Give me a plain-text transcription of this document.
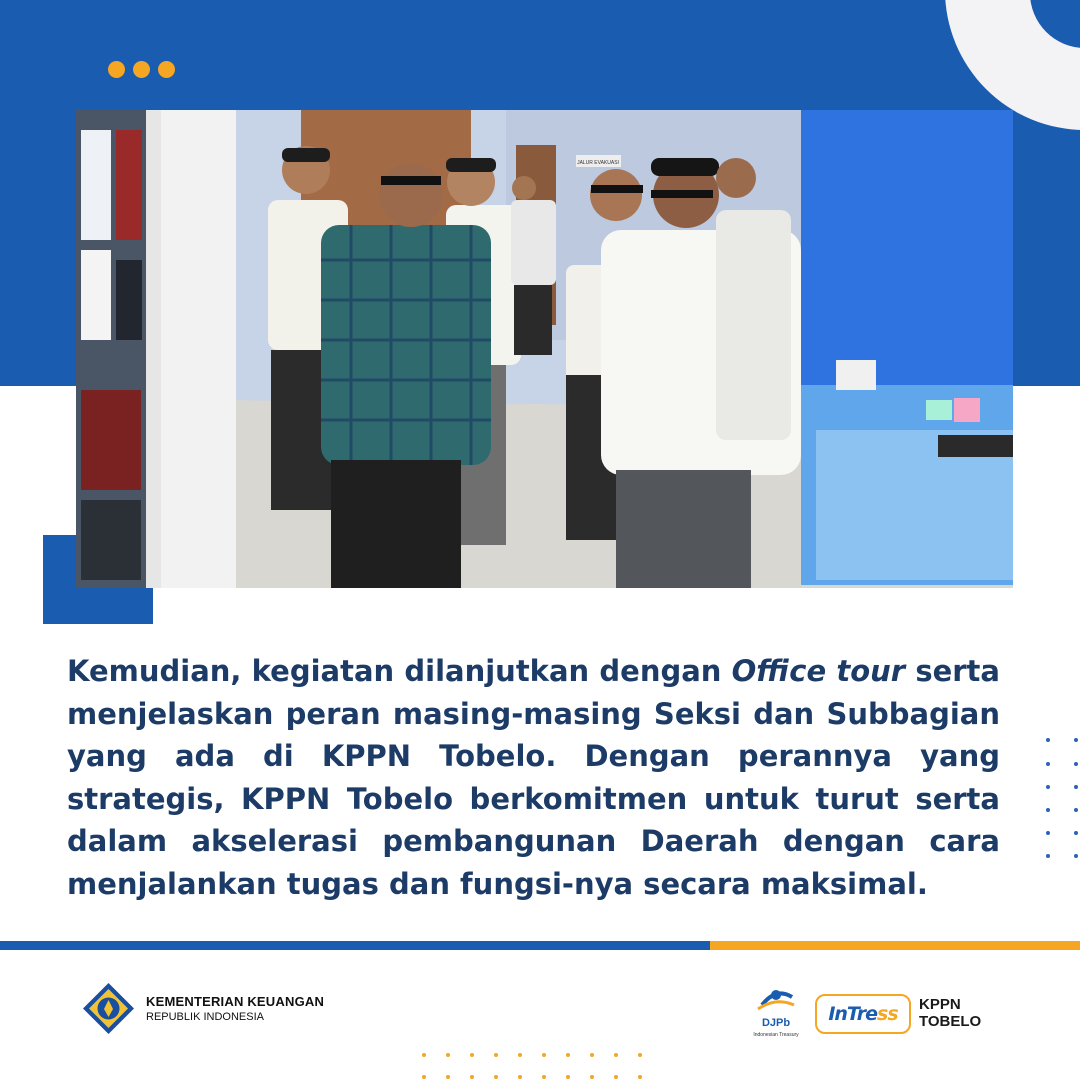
JALUR EVAKUASI

Kemudian, kegiatan dilanjutkan dengan Office tour serta menjelaskan peran masing-masing Seksi dan Subbagian yang ada di KPPN Tobelo. Dengan perannya yang strategis, KPPN Tobelo berkomitmen untuk turut serta dalam akselerasi pembangunan Daerah dengan cara menjalankan tugas dan fungsi-nya secara maksimal.

KEMENTERIAN KEUANGAN
REPUBLIK INDONESIA	DJPb
Indonesian Treasury
InTre ss KPPN
TOBELO
